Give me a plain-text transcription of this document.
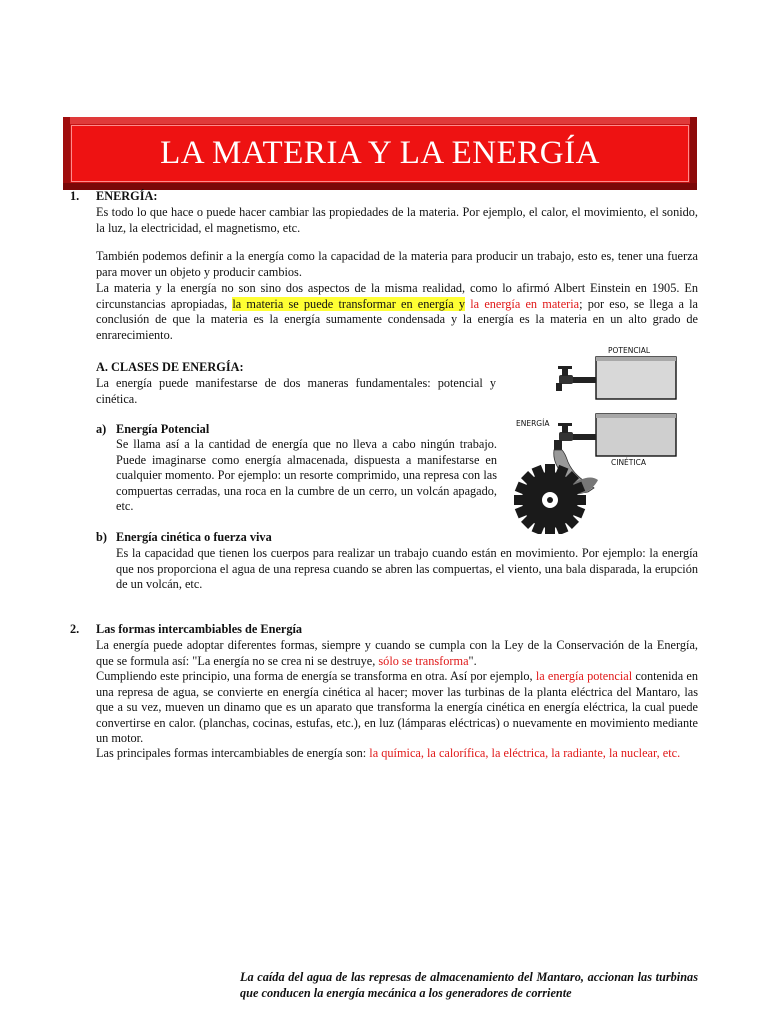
LA MATERIA Y LA ENERGÍA
1. ENERGÍA:
Es todo lo que hace o puede hacer cambiar las propiedades de la materia. Por ejemplo, el calor, el movimiento, el sonido, la luz, la electricidad, el magnetismo, etc.
También podemos definir a la energía como la capacidad de la materia para producir un trabajo, esto es, tener una fuerza para mover un objeto y producir cambios.
La materia y la energía no son sino dos aspectos de la misma realidad, como lo afirmó Albert Einstein en 1905. En circunstancias apropiadas, la materia se puede transformar en energía y la energía en materia; por eso, se llega a la conclusión de que la materia es la energía sumamente condensada y la energía es la materia en un alto grado de enrarecimiento.
A. CLASES DE ENERGÍA:
La energía puede manifestarse de dos maneras fundamentales: potencial y cinética.
a) Energía Potencial
Se llama así a la cantidad de energía que no lleva a cabo ningún trabajo. Puede imaginarse como energía almacenada, dispuesta a manifestarse en cualquier momento. Por ejemplo: un resorte comprimido, una represa con las compuertas cerradas, una roca en la cumbre de un cerro, un volcán apagado, etc.
b) Energía cinética o fuerza viva
Es la capacidad que tienen los cuerpos para realizar un trabajo cuando están en movimiento. Por ejemplo: la energía que nos proporciona el agua de una represa cuando se abren las compuertas, el viento, una bala disparada, la erupción de un volcán, etc.
POTENCIAL
ENERGÍA
CINÉTICA
2. Las formas intercambiables de Energía
La energía puede adoptar diferentes formas, siempre y cuando se cumpla con la Ley de la Conservación de la Energía, que se formula así: "La energía no se crea ni se destruye, sólo se transforma".
Cumpliendo este principio, una forma de energía se transforma en otra. Así por ejemplo, la energía potencial contenida en una represa de agua, se convierte en energía cinética al hacer; mover las turbinas de la planta eléctrica del Mantaro, las que a su vez, mueven un dinamo que es un aparato que transforma la energía cinética en energía eléctrica, la cual puede convertirse en calor. (planchas, cocinas, estufas, etc.), en luz (lámparas eléctricas) o nuevamente en movimiento mediante un motor.
Las principales formas intercambiables de energía son: la química, la calorífica, la eléctrica, la radiante, la nuclear, etc.
La caída del agua de las represas de almacenamiento del Mantaro, accionan las turbinas que conducen la energía mecánica a los generadores de corriente
